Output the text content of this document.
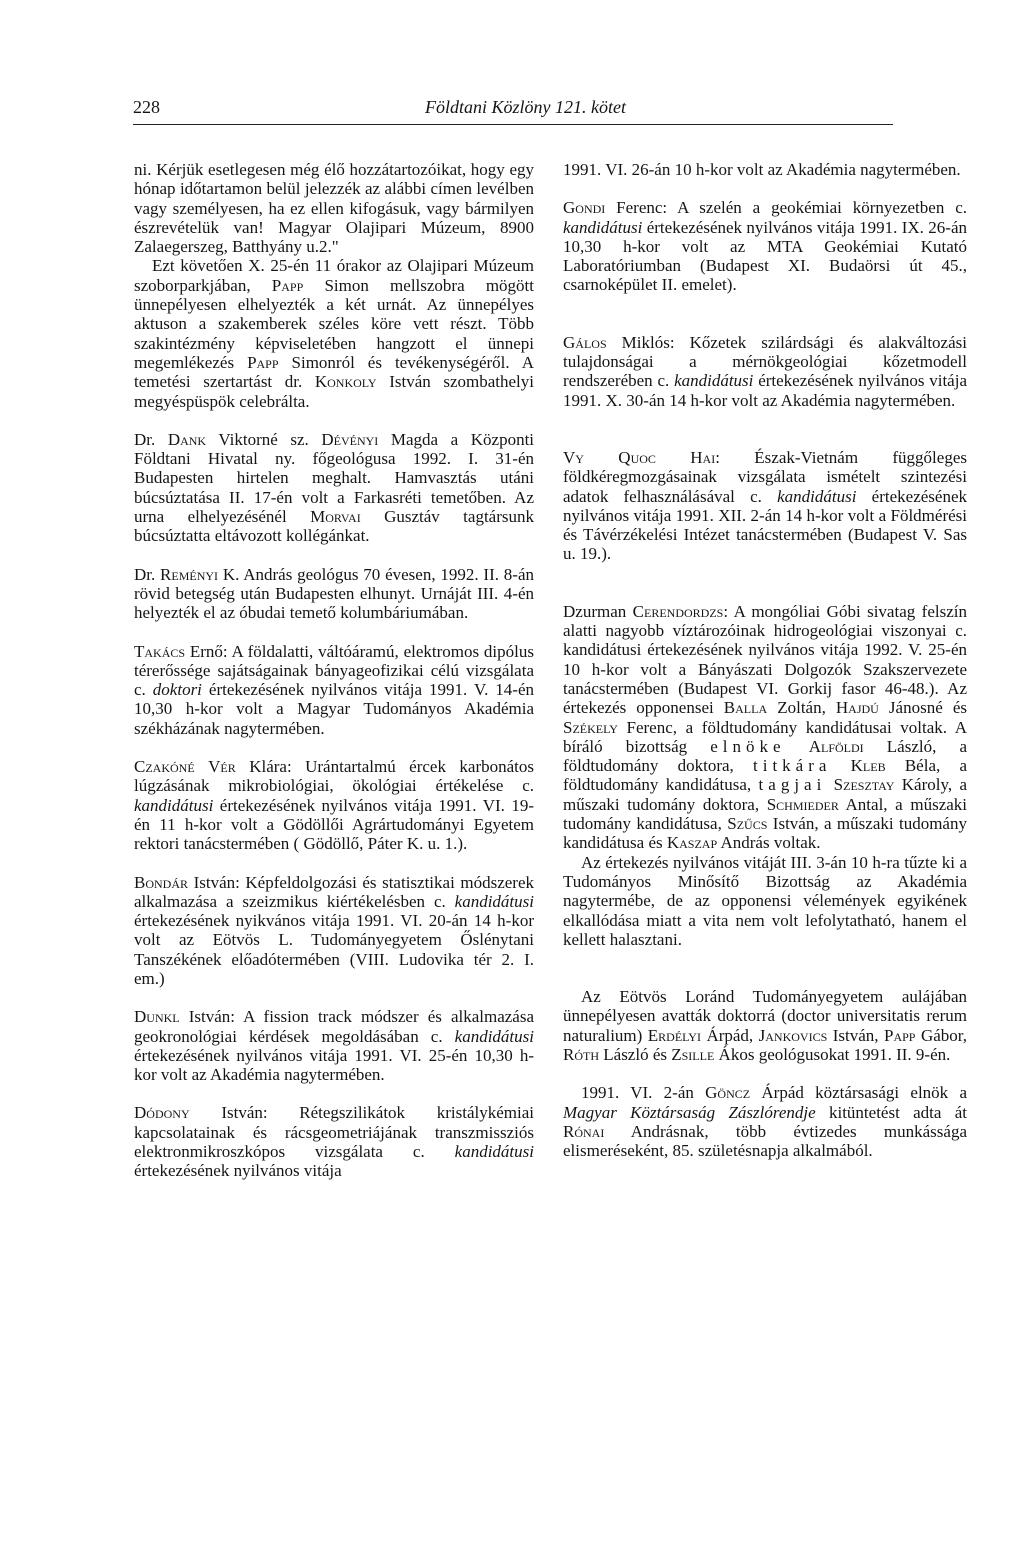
228	Földtani Közlöny 121. kötet

ni. Kérjük esetlegesen még élő hozzátartozóikat, hogy egy hónap időtartamon belül jelezzék az alábbi címen levélben vagy személyesen, ha ez ellen kifogásuk, vagy bármilyen észrevételük van! Magyar Olajipari Múzeum, 8900 Zalaegerszeg, Batthyány u.2."

Ezt követően X. 25-én 11 órakor az Olajipari Múzeum szoborparkjában, Papp Simon mellszobra mögött ünnepélyesen elhelyezték a két urnát. Az ünnepélyes aktuson a szakemberek széles köre vett részt. Több szakintézmény képviseletében hangzott el ünnepi megemlékezés Papp Simonról és tevékenységéről. A temetési szertartást dr. Konkoly István szombathelyi megyéspüspök celebrálta.

Dr. Dank Viktorné sz. Dévényi Magda a Központi Földtani Hivatal ny. főgeológusa 1992. I. 31-én Budapesten hirtelen meghalt. Hamvasztás utáni búcsúztatása II. 17-én volt a Farkasréti temetőben. Az urna elhelyezésénél Morvai Gusztáv tagtársunk búcsúztatta eltávozott kollégánkat.

Dr. Reményi K. András geológus 70 évesen, 1992. II. 8-án rövid betegség után Budapesten elhunyt. Urnáját III. 4-én helyezték el az óbudai temető kolumbáriumában.

Takács Ernő: A földalatti, váltóáramú, elektromos dipólus térerőssége sajátságainak bányageofizikai célú vizsgálata c. doktori értekezésének nyilvános vitája 1991. V. 14-én 10,30 h-kor volt a Magyar Tudományos Akadémia székházának nagytermében.

Czakóné Vér Klára: Urántartalmú ércek karbonátos lúgzásának mikrobiológiai, ökológiai értékelése c. kandidátusi értekezésének nyilvános vitája 1991. VI. 19-én 11 h-kor volt a Gödöllői Agrártudományi Egyetem rektori tanácstermében ( Gödöllő, Páter K. u. 1.).

Bondár István: Képfeldolgozási és statisztikai módszerek alkalmazása a szeizmikus kiértékelésben c. kandidátusi értekezésének nyikvános vitája 1991. VI. 20-án 14 h-kor volt az Eötvös L. Tudományegyetem Őslénytani Tanszékének előadótermében (VIII. Ludovika tér 2. I. em.)

Dunkl István: A fission track módszer és alkalmazása geokronológiai kérdések megoldásában c. kandidátusi értekezésének nyilvános vitája 1991. VI. 25-én 10,30 h-kor volt az Akadémia nagytermében.

Dódony István: Rétegszilikátok kristálykémiai kapcsolatainak és rácsgeometriájának transzmissziós elektronmikroszkópos vizsgálata c. kandidátusi értekezésének nyilvános vitája

1991. VI. 26-án 10 h-kor volt az Akadémia nagytermében.

Gondi Ferenc: A szelén a geokémiai környezetben c. kandidátusi értekezésének nyilvános vitája 1991. IX. 26-án 10,30 h-kor volt az MTA Geokémiai Kutató Laboratóriumban (Budapest XI. Budaörsi út 45., csarnoképület II. emelet).

Gálos Miklós: Kőzetek szilárdsági és alakváltozási tulajdonságai a mérnökgeológiai kőzetmodell rendszerében c. kandidátusi értekezésének nyilvános vitája 1991. X. 30-án 14 h-kor volt az Akadémia nagytermében.

Vy Quoc Hai: Észak-Vietnám függőleges földkéregmozgásainak vizsgálata ismételt szintezési adatok felhasználásával c. kandidátusi értekezésének nyilvános vitája 1991. XII. 2-án 14 h-kor volt a Földmérési és Távérzékelési Intézet tanácstermében (Budapest V. Sas u. 19.).

Dzurman Cerendordzs: A mongóliai Góbi sivatag felszín alatti nagyobb víztározóinak hidrogeológiai viszonyai c. kandidátusi értekezésének nyilvános vitája 1992. V. 25-én 10 h-kor volt a Bányászati Dolgozók Szakszervezete tanácstermében (Budapest VI. Gorkij fasor 46-48.). Az értekezés opponensei Balla Zoltán, Hajdú Jánosné és Székely Ferenc, a földtudomány kandidátusai voltak. A bíráló bizottság elnöke Alföldi László, a földtudomány doktora, titkára Kleb Béla, a földtudomány kandidátusa, tagjai Szesztay Károly, a műszaki tudomány doktora, Schmieder Antal, a műszaki tudomány kandidátusa, Szűcs István, a műszaki tudomány kandidátusa és Kaszap András voltak.

Az értekezés nyilvános vitáját III. 3-án 10 h-ra tűzte ki a Tudományos Minősítő Bizottság az Akadémia nagytermébe, de az opponensi vélemények egyikének elkallódása miatt a vita nem volt lefolytatható, hanem el kellett halasztani.

Az Eötvös Loránd Tudományegyetem aulájában ünnepélyesen avatták doktorrá (doctor universitatis rerum naturalium) Erdélyi Árpád, Jankovics István, Papp Gábor, Róth László és Zsille Ákos geológusokat 1991. II. 9-én.

1991. VI. 2-án Göncz Árpád köztársasági elnök a Magyar Köztársaság Zászlórendje kitüntetést adta át Rónai Andrásnak, több évtizedes munkássága elismeréseként, 85. születésnapja alkalmából.
